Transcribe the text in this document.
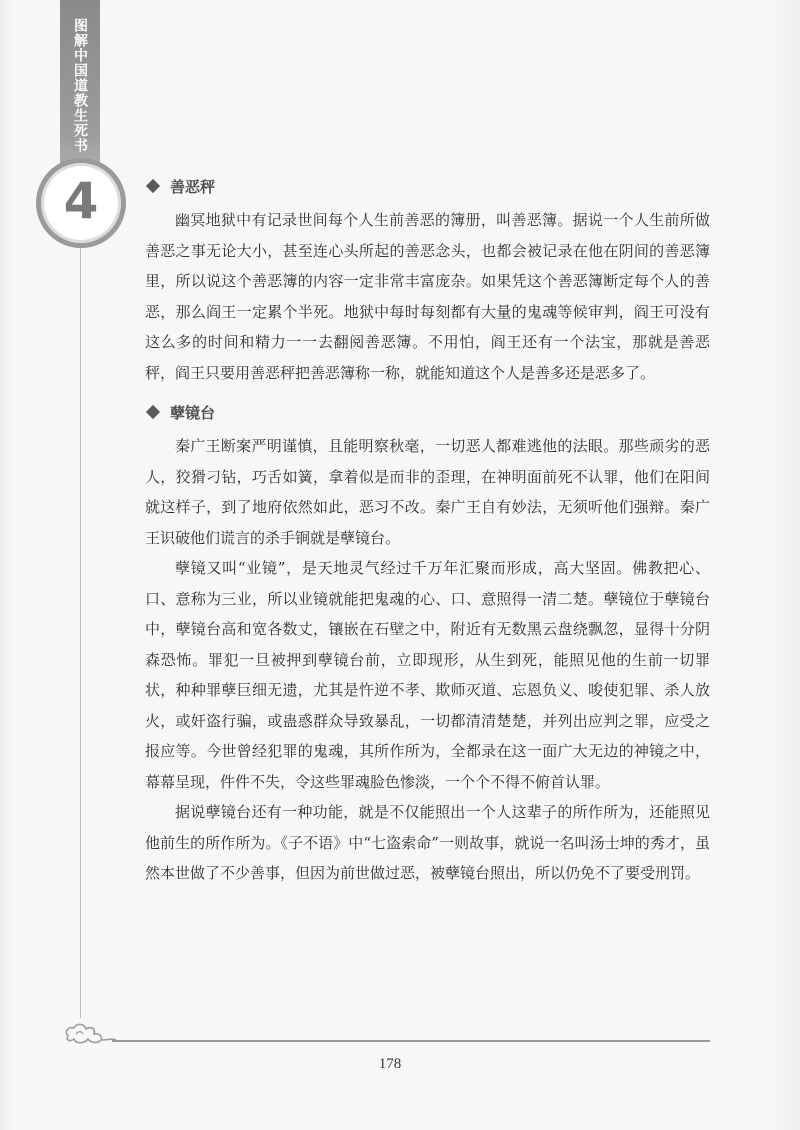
图解中国道教生死书
4	善恶秤

幽冥地狱中有记录世间每个人生前善恶的簿册，叫善恶簿。据说一个人生前所做善恶之事无论大小，甚至连心头所起的善恶念头，也都会被记录在他在阴间的善恶簿里，所以说这个善恶簿的内容一定非常丰富庞杂。如果凭这个善恶簿断定每个人的善恶，那么阎王一定累个半死。地狱中每时每刻都有大量的鬼魂等候审判，阎王可没有这么多的时间和精力一一去翻阅善恶簿。不用怕，阎王还有一个法宝，那就是善恶秤，阎王只要用善恶秤把善恶簿称一称，就能知道这个人是善多还是恶多了。

孽镜台

秦广王断案严明谨慎，且能明察秋毫，一切恶人都难逃他的法眼。那些顽劣的恶人，狡猾刁钻，巧舌如簧，拿着似是而非的歪理，在神明面前死不认罪，他们在阳间就这样子，到了地府依然如此，恶习不改。秦广王自有妙法，无须听他们强辩。秦广王识破他们谎言的杀手锏就是孽镜台。

孽镜又叫“业镜”，是天地灵气经过千万年汇聚而形成，高大坚固。佛教把心、口、意称为三业，所以业镜就能把鬼魂的心、口、意照得一清二楚。孽镜位于孽镜台中，孽镜台高和宽各数丈，镶嵌在石壁之中，附近有无数黑云盘绕飘忽，显得十分阴森恐怖。罪犯一旦被押到孽镜台前，立即现形，从生到死，能照见他的生前一切罪状，种种罪孽巨细无遗，尤其是忤逆不孝、欺师灭道、忘恩负义、唆使犯罪、杀人放火，或奸盗行骗，或蛊惑群众导致暴乱，一切都清清楚楚，并列出应判之罪，应受之报应等。今世曾经犯罪的鬼魂，其所作所为，全都录在这一面广大无边的神镜之中，幕幕呈现，件件不失，令这些罪魂脸色惨淡，一个个不得不俯首认罪。

据说孽镜台还有一种功能，就是不仅能照出一个人这辈子的所作所为，还能照见他前生的所作所为。《子不语》中“七盗索命”一则故事，就说一名叫汤士坤的秀才，虽然本世做了不少善事，但因为前世做过恶，被孽镜台照出，所以仍免不了要受刑罚。

178
